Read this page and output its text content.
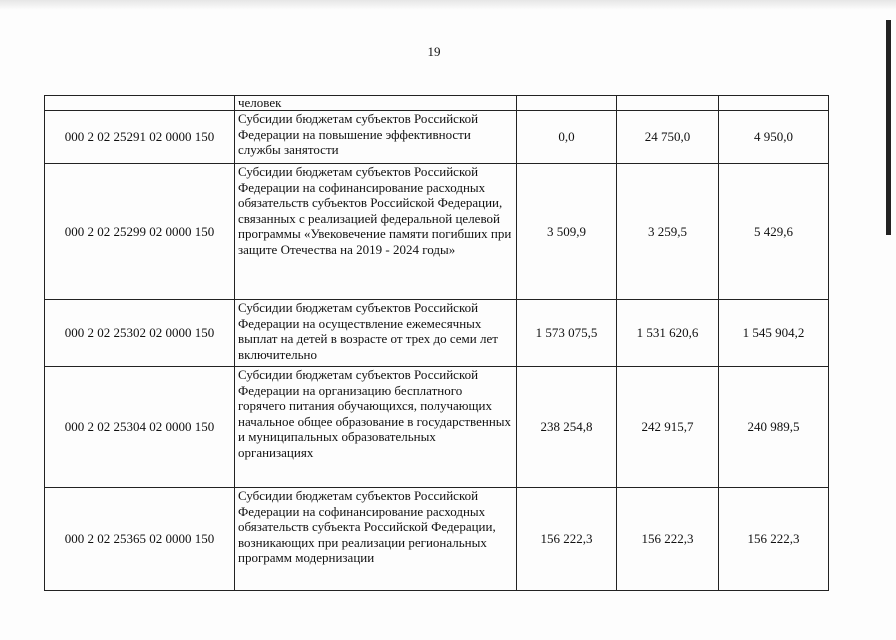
19
	человек			
000 2 02 25291 02 0000 150	Субсидии бюджетам субъектов Российской Федерации на повышение эффективности службы занятости	0,0	24 750,0	4 950,0
000 2 02 25299 02 0000 150	Субсидии бюджетам субъектов Российской Федерации на софинансирование расходных обязательств субъектов Российской Федерации, связанных с реализацией федеральной целевой программы «Увековечение памяти погибших при защите Отечества на 2019 - 2024 годы»	3 509,9	3 259,5	5 429,6
000 2 02 25302 02 0000 150	Субсидии бюджетам субъектов Российской Федерации на осуществление ежемесячных выплат на детей в возрасте от трех до семи лет включительно	1 573 075,5	1 531 620,6	1 545 904,2
000 2 02 25304 02 0000 150	Субсидии бюджетам субъектов Российской Федерации на организацию бесплатного горячего питания обучающихся, получающих начальное общее образование в государственных и муниципальных образовательных организациях	238 254,8	242 915,7	240 989,5
000 2 02 25365 02 0000 150	Субсидии бюджетам субъектов Российской Федерации на софинансирование расходных обязательств субъекта Российской Федерации, возникающих при реализации региональных программ модернизации	156 222,3	156 222,3	156 222,3
